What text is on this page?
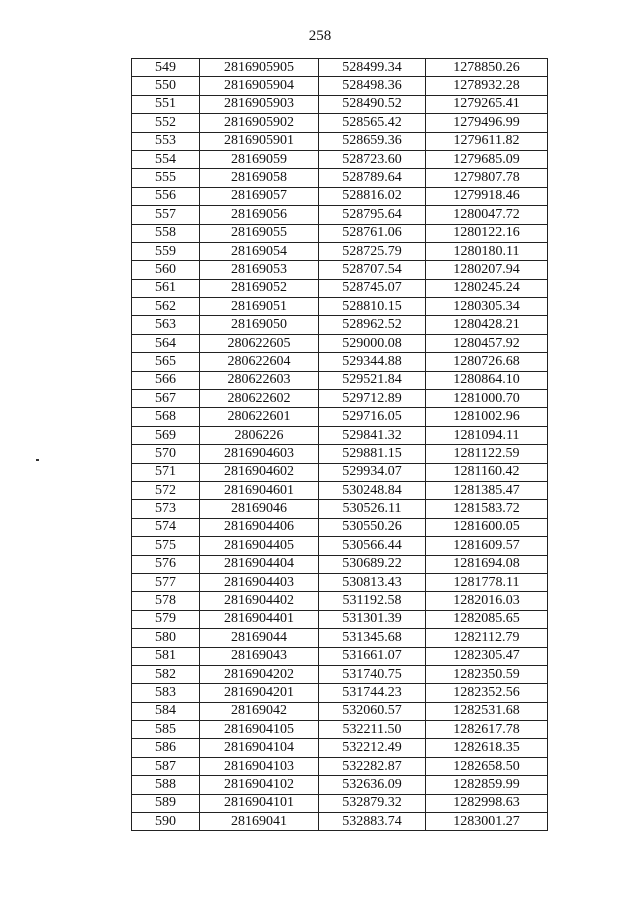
258
549	2816905905	528499.34	1278850.26
550	2816905904	528498.36	1278932.28
551	2816905903	528490.52	1279265.41
552	2816905902	528565.42	1279496.99
553	2816905901	528659.36	1279611.82
554	28169059	528723.60	1279685.09
555	28169058	528789.64	1279807.78
556	28169057	528816.02	1279918.46
557	28169056	528795.64	1280047.72
558	28169055	528761.06	1280122.16
559	28169054	528725.79	1280180.11
560	28169053	528707.54	1280207.94
561	28169052	528745.07	1280245.24
562	28169051	528810.15	1280305.34
563	28169050	528962.52	1280428.21
564	280622605	529000.08	1280457.92
565	280622604	529344.88	1280726.68
566	280622603	529521.84	1280864.10
567	280622602	529712.89	1281000.70
568	280622601	529716.05	1281002.96
569	2806226	529841.32	1281094.11
570	2816904603	529881.15	1281122.59
571	2816904602	529934.07	1281160.42
572	2816904601	530248.84	1281385.47
573	28169046	530526.11	1281583.72
574	2816904406	530550.26	1281600.05
575	2816904405	530566.44	1281609.57
576	2816904404	530689.22	1281694.08
577	2816904403	530813.43	1281778.11
578	2816904402	531192.58	1282016.03
579	2816904401	531301.39	1282085.65
580	28169044	531345.68	1282112.79
581	28169043	531661.07	1282305.47
582	2816904202	531740.75	1282350.59
583	2816904201	531744.23	1282352.56
584	28169042	532060.57	1282531.68
585	2816904105	532211.50	1282617.78
586	2816904104	532212.49	1282618.35
587	2816904103	532282.87	1282658.50
588	2816904102	532636.09	1282859.99
589	2816904101	532879.32	1282998.63
590	28169041	532883.74	1283001.27
